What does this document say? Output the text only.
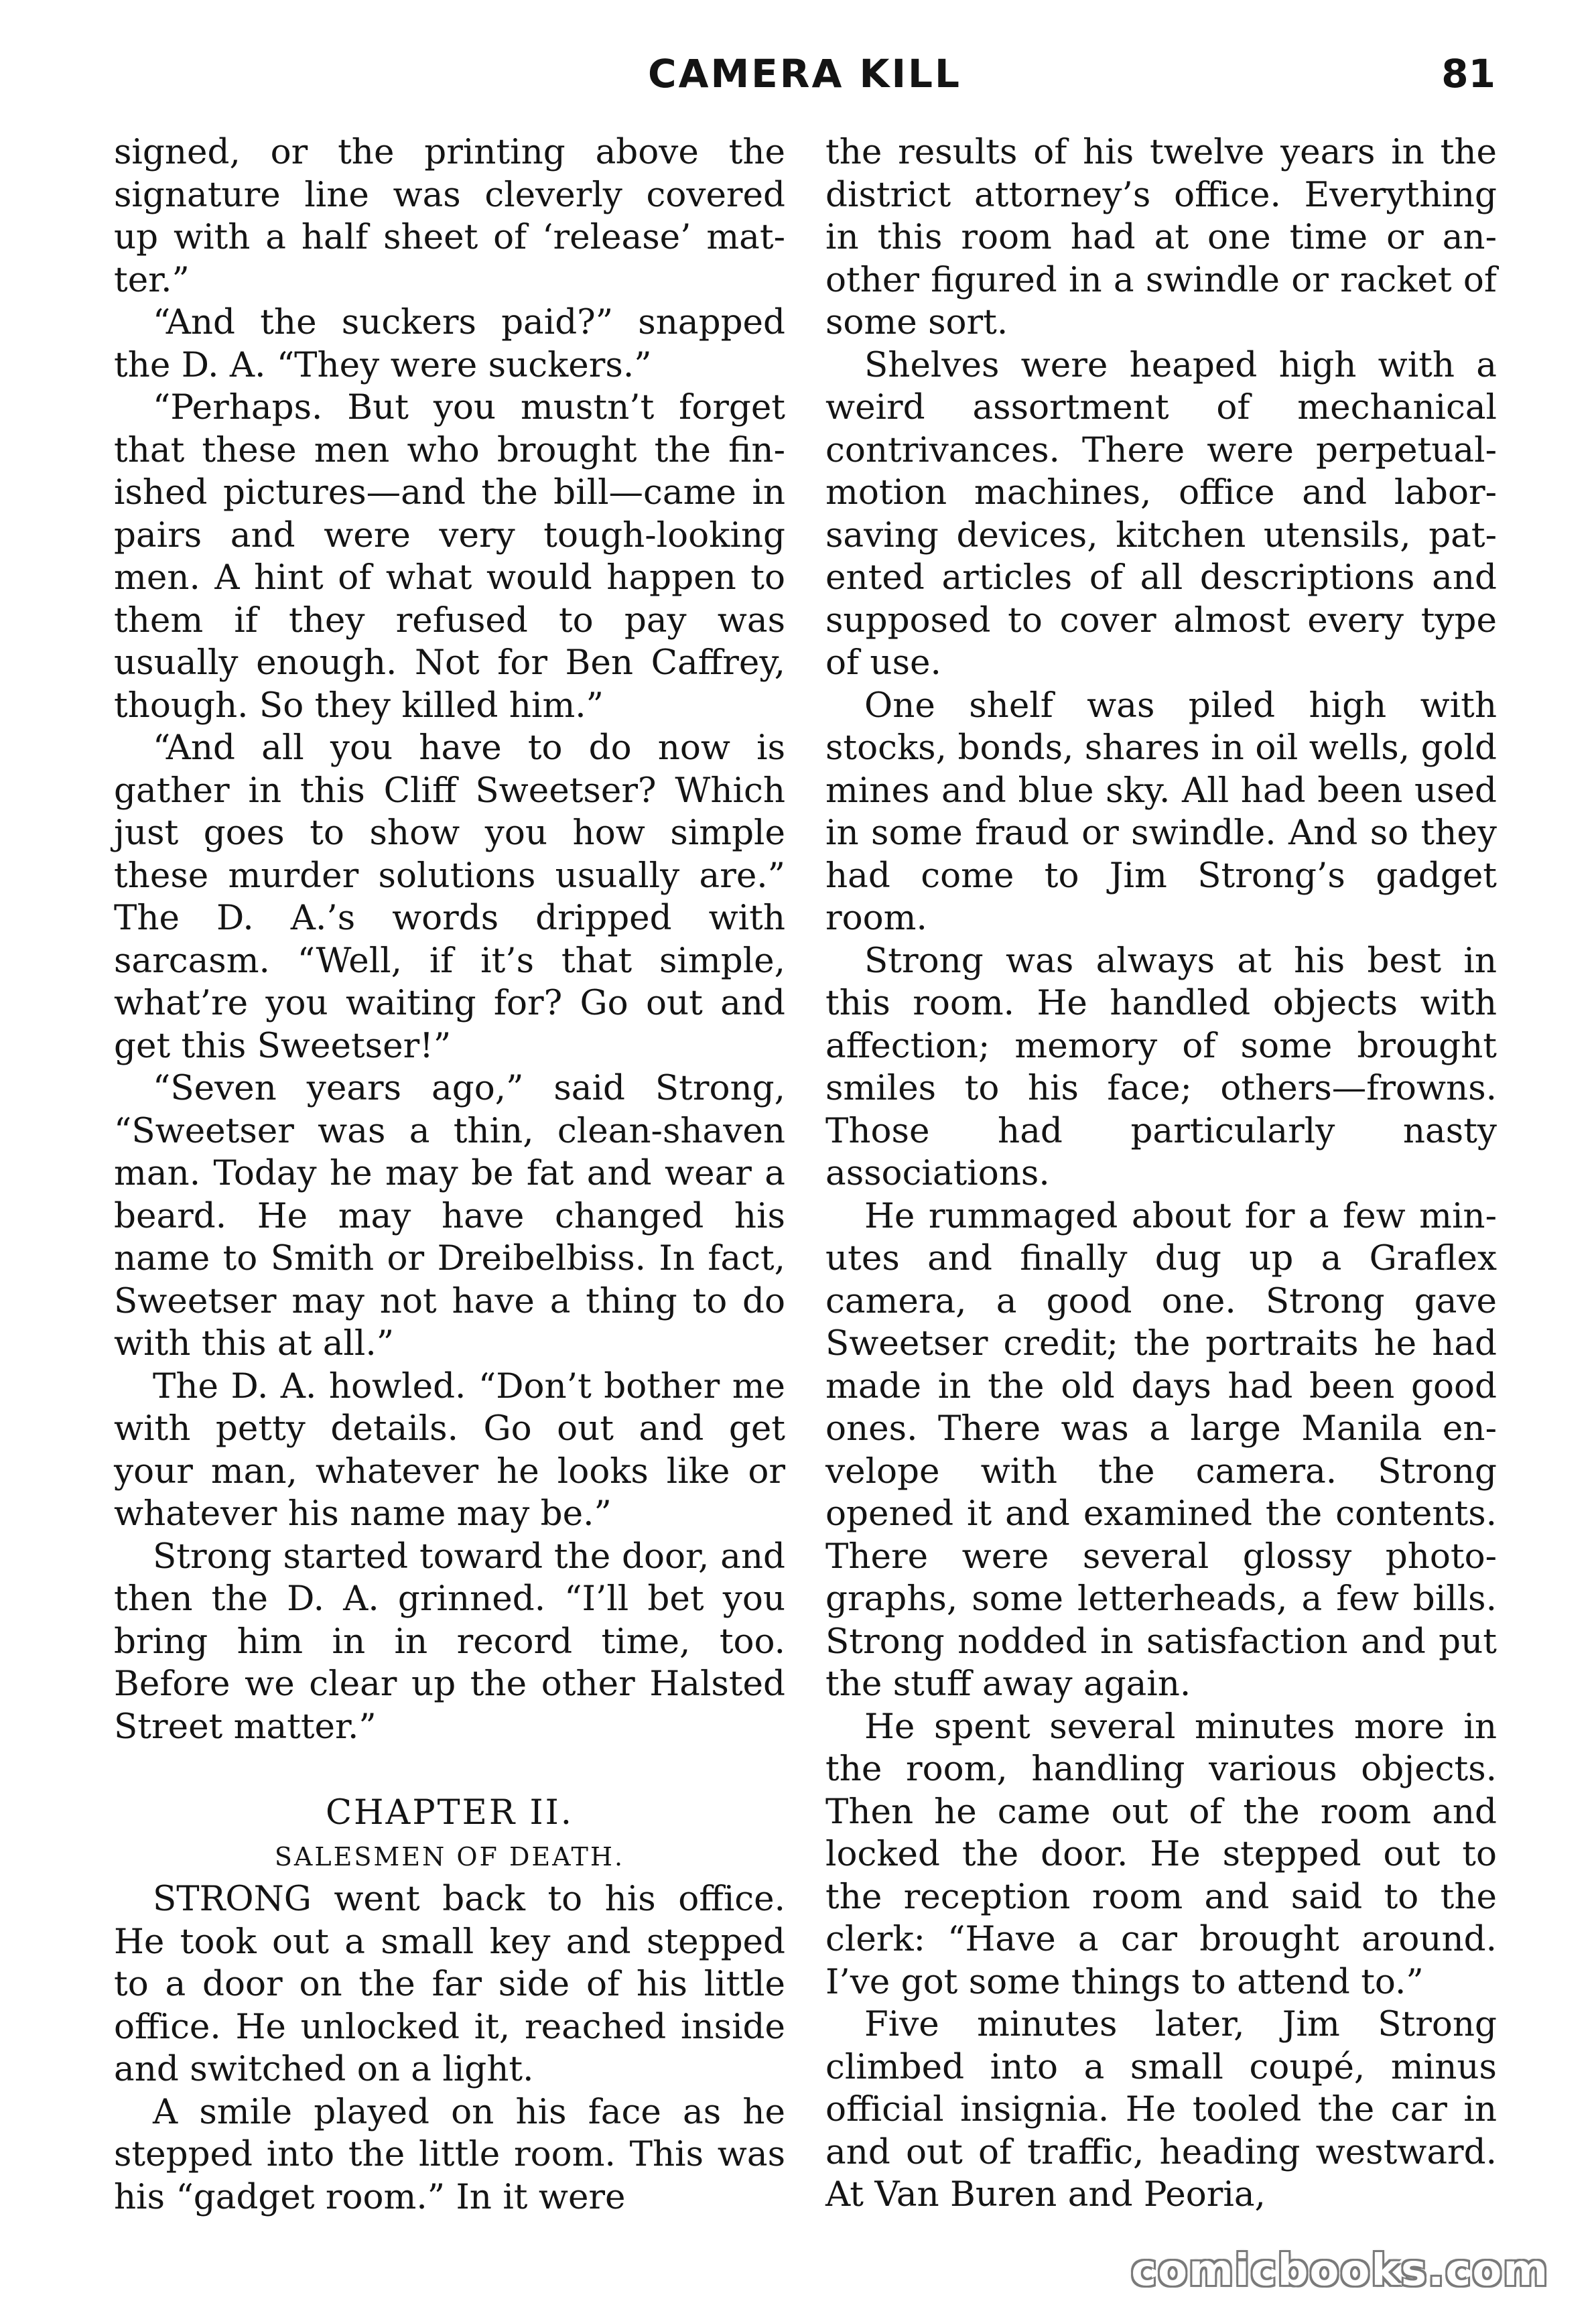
CAMERA KILL	81

signed, or the printing above the signature line was cleverly covered up with a half sheet of ‘release’ matter.”

“And the suckers paid?” snapped the D. A. “They were suckers.”

“Perhaps. But you mustn’t forget that these men who brought the finished pictures—and the bill—came in pairs and were very tough-looking men. A hint of what would happen to them if they refused to pay was usually enough. Not for Ben Caffrey, though. So they killed him.”

“And all you have to do now is gather in this Cliff Sweetser? Which just goes to show you how simple these murder solutions usually are.” The D. A.’s words dripped with sarcasm. “Well, if it’s that simple, what’re you waiting for? Go out and get this Sweetser!”

“Seven years ago,” said Strong, “Sweetser was a thin, clean-shaven man. Today he may be fat and wear a beard. He may have changed his name to Smith or Dreibelbiss. In fact, Sweetser may not have a thing to do with this at all.”

The D. A. howled. “Don’t bother me with petty details. Go out and get your man, whatever he looks like or whatever his name may be.”

Strong started toward the door, and then the D. A. grinned. “I’ll bet you bring him in in record time, too. Before we clear up the other Halsted Street matter.”

CHAPTER II.

SALESMEN OF DEATH.

STRONG went back to his office. He took out a small key and stepped to a door on the far side of his little office. He unlocked it, reached inside and switched on a light.

A smile played on his face as he stepped into the little room. This was his “gadget room.” In it were

the results of his twelve years in the district attorney’s office. Everything in this room had at one time or another figured in a swindle or racket of some sort.

Shelves were heaped high with a weird assortment of mechanical contrivances. There were perpetual-motion machines, office and labor-saving devices, kitchen utensils, patented articles of all descriptions and supposed to cover almost every type of use.

One shelf was piled high with stocks, bonds, shares in oil wells, gold mines and blue sky. All had been used in some fraud or swindle. And so they had come to Jim Strong’s gadget room.

Strong was always at his best in this room. He handled objects with affection; memory of some brought smiles to his face; others—frowns. Those had particularly nasty associations.

He rummaged about for a few minutes and finally dug up a Graflex camera, a good one. Strong gave Sweetser credit; the portraits he had made in the old days had been good ones. There was a large Manila envelope with the camera. Strong opened it and examined the contents. There were several glossy photographs, some letterheads, a few bills. Strong nodded in satisfaction and put the stuff away again.

He spent several minutes more in the room, handling various objects. Then he came out of the room and locked the door. He stepped out to the reception room and said to the clerk: “Have a car brought around. I’ve got some things to attend to.”

Five minutes later, Jim Strong climbed into a small coupé, minus official insignia. He tooled the car in and out of traffic, heading westward. At Van Buren and Peoria,

comicbooks.com
